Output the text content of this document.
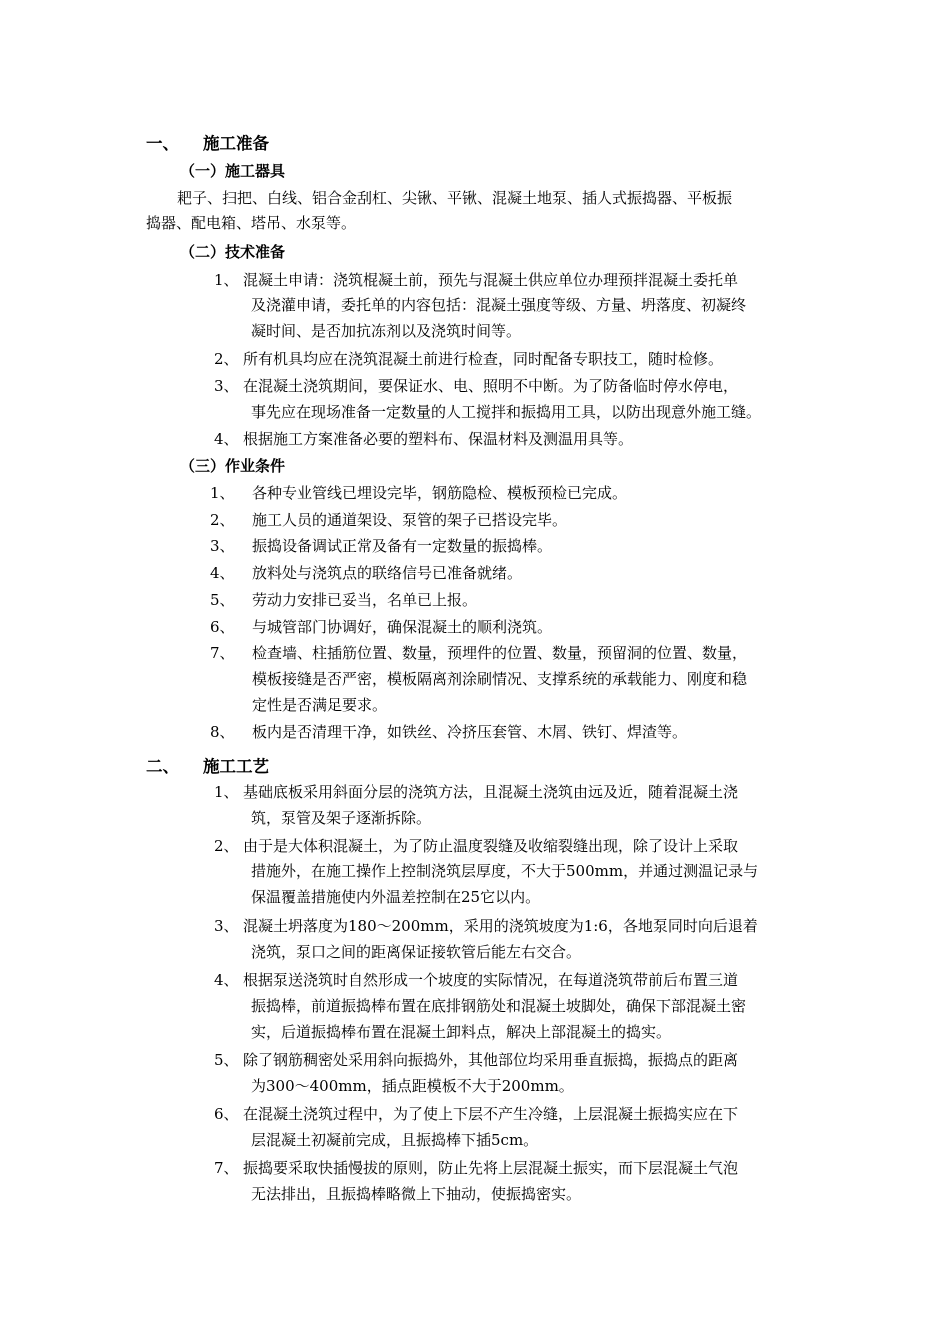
一、 施工准备
（一）施工器具
耙子、扫把、白线、铝合金刮杠、尖锹、平锹、混凝土地泵、插人式振捣器、平板振
捣器、配电箱、塔吊、水泵等。
（二）技术准备
1、 混凝土申请：浇筑棍凝土前，预先与混凝土供应单位办理预拌混凝土委托单
及浇灌申请，委托单的内容包括：混凝土强度等级、方量、坍落度、初凝终
凝时间、是否加抗冻剂以及浇筑时间等。
2、 所有机具均应在浇筑混凝土前进行检查，同时配备专职技工，随时检修。
3、 在混凝土浇筑期间，要保证水、电、照明不中断。为了防备临时停水停电，
事先应在现场准备一定数量的人工搅拌和振捣用工具，以防出现意外施工缝。
4、 根据施工方案准备必要的塑料布、保温材料及测温用具等。
（三）作业条件
1、 各种专业管线已埋设完毕，钢筋隐检、模板预检已完成。
2、 施工人员的通道架设、泵管的架子已搭设完毕。
3、 振捣设备调试正常及备有一定数量的振捣棒。
4、 放料处与浇筑点的联络信号已准备就绪。
5、 劳动力安排已妥当，名单已上报。
6、 与城管部门协调好，确保混凝土的顺利浇筑。
7、 检查墙、柱插筋位置、数量，预埋件的位置、数量，预留洞的位置、数量，
模板接缝是否严密，模板隔离剂涂刷情况、支撑系统的承载能力、刚度和稳
定性是否满足要求。
8、 板内是否清理干净，如铁丝、冷挤压套管、木屑、铁钉、焊渣等。
二、 施工工艺
1、 基础底板采用斜面分层的浇筑方法，且混凝土浇筑由远及近，随着混凝土浇
筑，泵管及架子逐渐拆除。
2、 由于是大体积混凝土，为了防止温度裂缝及收缩裂缝出现，除了设计上采取
措施外，在施工操作上控制浇筑层厚度，不大于500mm，并通过测温记录与
保温覆盖措施使内外温差控制在25它以内。
3、 混凝土坍落度为180～200mm，采用的浇筑坡度为1:6，各地泵同时向后退着
浇筑，泵口之间的距离保证接软管后能左右交合。
4、 根据泵送浇筑时自然形成一个坡度的实际情况，在每道浇筑带前后布置三道
振捣棒，前道振捣棒布置在底排钢筋处和混凝土坡脚处，确保下部混凝土密
实，后道振捣棒布置在混凝土卸料点，解决上部混凝土的捣实。
5、 除了钢筋稠密处采用斜向振捣外，其他部位均采用垂直振捣，振捣点的距离
为300～400mm，插点距模板不大于200mm。
6、 在混凝土浇筑过程中，为了使上下层不产生冷缝，上层混凝土振捣实应在下
层混凝土初凝前完成，且振捣棒下插5cm。
7、 振捣要采取快插慢拔的原则，防止先将上层混凝土振实，而下层混凝土气泡
无法排出，且振捣棒略微上下抽动，使振捣密实。
